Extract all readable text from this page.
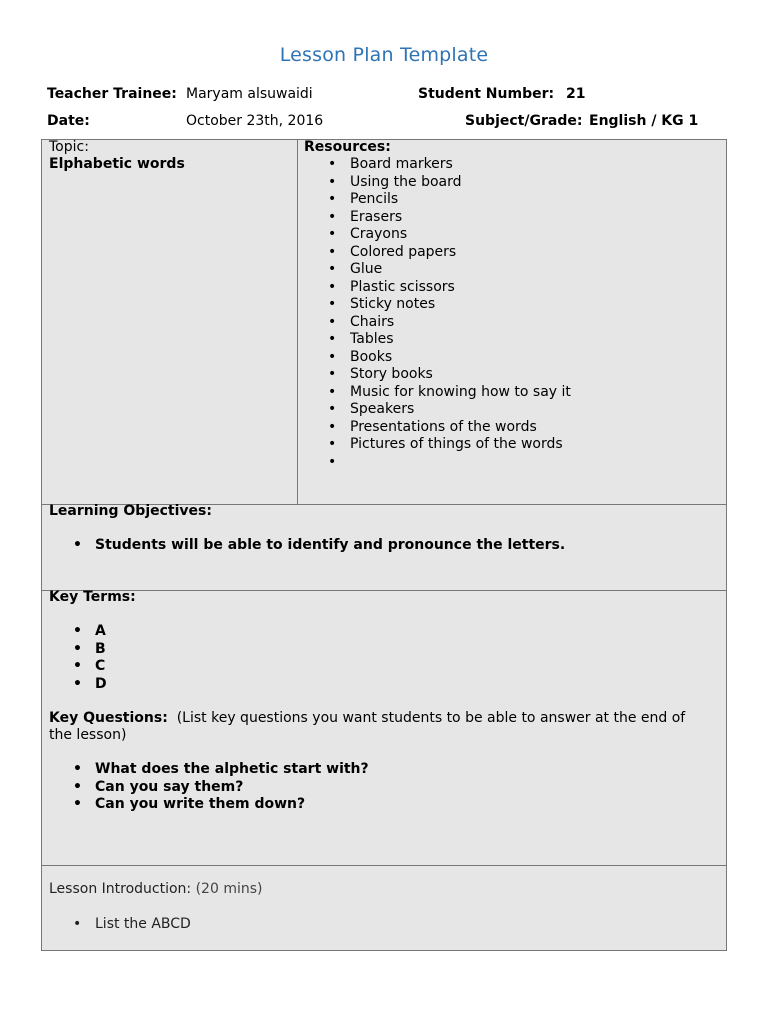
Lesson Plan Template
Teacher Trainee: Maryam alsuwaidi	Student Number: 21
Date:	October 23th, 2016	Subject/Grade: English / KG 1
Topic:
Elphabetic words
Resources:
• Board markers
• Using the board
• Pencils
• Erasers
• Crayons
• Colored papers
• Glue
• Plastic scissors
• Sticky notes
• Chairs
• Tables
• Books
• Story books
• Music for knowing how to say it
• Speakers
• Presentations of the words
• Pictures of things of the words
•
Learning Objectives:
• Students will be able to identify and pronounce the letters.
Key Terms:
• A
• B
• C
• D
Key Questions: (List key questions you want students to be able to answer at the end of
the lesson)
• What does the alphetic start with?
• Can you say them?
• Can you write them down?
Lesson Introduction: (20 mins)
• List the ABCD
